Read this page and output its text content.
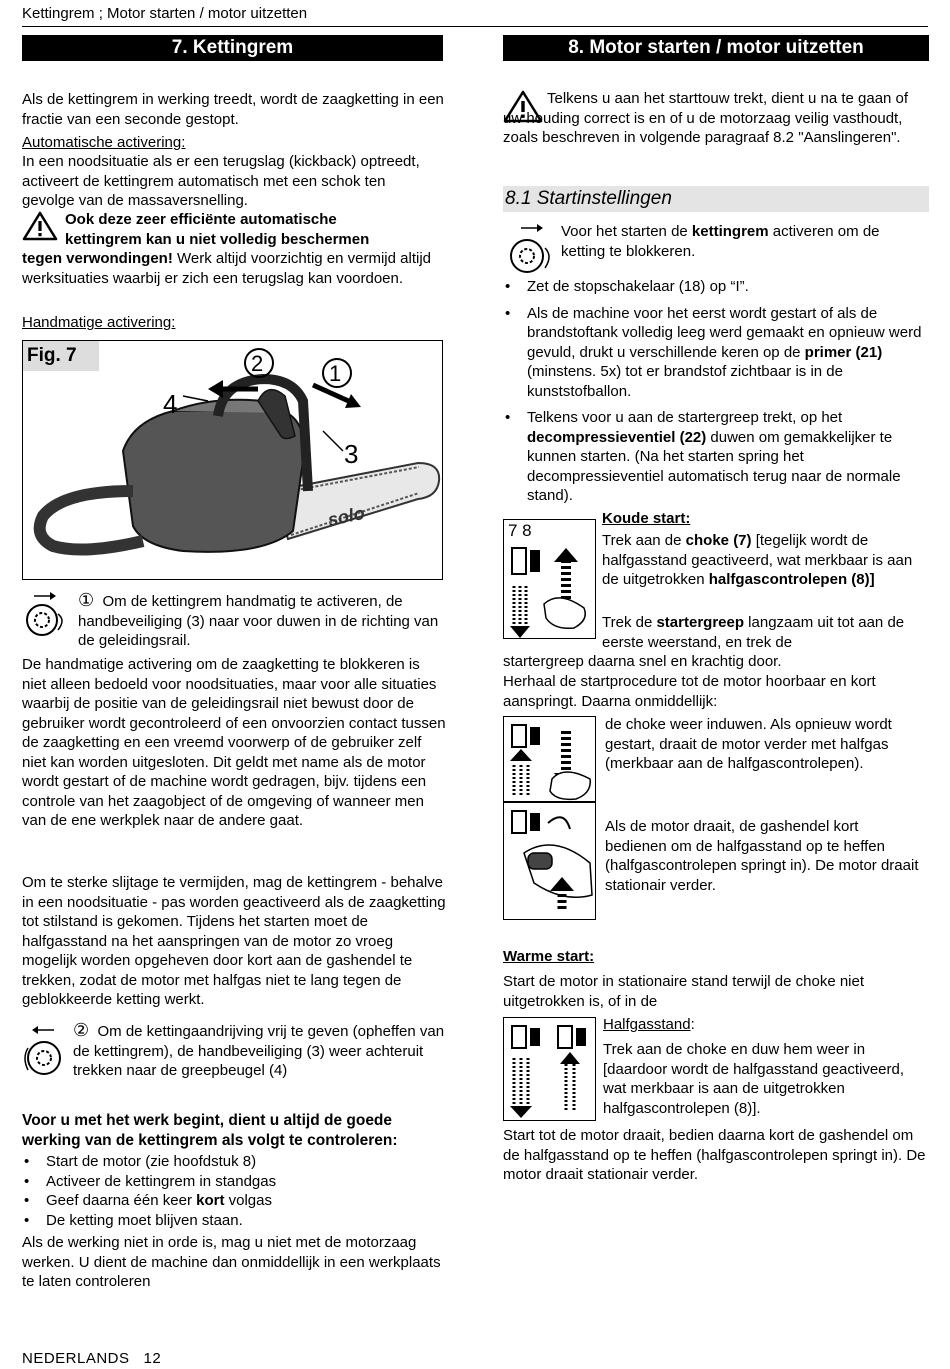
Kettingrem ; Motor starten / motor uitzetten
7. Kettingrem	8. Motor starten / motor uitzetten

Als de kettingrem in werking treedt, wordt de zaagketting in een fractie van een seconde gestopt.

Automatische activering:

In een noodsituatie als er een terugslag (kickback) optreedt, activeert de kettingrem automatisch met een schok ten gevolge van de massaversnelling.

Ook deze zeer efficiënte automatische

kettingrem kan u niet volledig beschermen

tegen verwondingen! Werk altijd voorzichtig en vermijd altijd werksituaties waarbij er zich een terugslag kan voordoen.

Handmatige activering:

solo
2	1
3
4
Fig. 7

① Om de kettingrem handmatig te activeren, de handbeveiliging (3) naar voor duwen in de richting van de geleidingsrail.

De handmatige activering om de zaagketting te blokkeren is niet alleen bedoeld voor noodsituaties, maar voor alle situaties waarbij de positie van de geleidingsrail niet bewust door de gebruiker wordt gecontroleerd of een onvoorzien contact tussen de zaagketting en een vreemd voorwerp of de gebruiker zelf niet kan worden uitgesloten. Dit geldt met name als de motor wordt gestart of de machine wordt gedragen, bijv. tijdens een controle van het zaagobject of de omgeving of wanneer men van de ene werkplek naar de andere gaat.

Om te sterke slijtage te vermijden, mag de kettingrem - behalve in een noodsituatie - pas worden geactiveerd als de zaagketting tot stilstand is gekomen. Tijdens het starten moet de halfgasstand na het aanspringen van de motor zo vroeg mogelijk worden opgeheven door kort aan de gashendel te trekken, zodat de motor met halfgas niet te lang tegen de geblokkeerde ketting werkt.

② Om de kettingaandrijving vrij te geven (opheffen van de kettingrem), de handbeveiliging (3) weer achteruit trekken naar de greepbeugel (4)

Voor u met het werk begint, dient u altijd de goede werking van de kettingrem als volgt te controleren:

• Start de motor (zie hoofdstuk 8)
• Activeer de kettingrem in standgas
• Geef daarna één keer kort volgas
• De ketting moet blijven staan.

Als de werking niet in orde is, mag u niet met de motorzaag werken. U dient de machine dan onmiddellijk in een werkplaats te laten controleren

Telkens u aan het starttouw trekt, dient u na te gaan of uw houding correct is en of u de motorzaag veilig vasthoudt, zoals beschreven in volgende paragraaf 8.2 "Aanslingeren".

8.1 Startinstellingen

Voor het starten de kettingrem activeren om de ketting te blokkeren.

• Zet de stopschakelaar (18) op “I”.
• Als de machine voor het eerst wordt gestart of als de brandstoftank volledig leeg werd gemaakt en opnieuw werd gevuld, drukt u verschillende keren op de primer (21) (minstens. 5x) tot er brandstof zichtbaar is in de kunststofballon.
• Telkens voor u aan de startergreep trekt, op het decompressieventiel (22) duwen om gemakkelijker te kunnen starten. (Na het starten spring het decompressieventiel automatisch terug naar de normale stand).
7 8

Koude start:

Trek aan de choke (7) [tegelijk wordt de halfgasstand geactiveerd, wat merkbaar is aan de uitgetrokken halfgascontrolepen (8)]

Trek de startergreep langzaam uit tot aan de eerste weerstand, en trek de

startergreep daarna snel en krachtig door.

Herhaal de startprocedure tot de motor hoorbaar en kort aanspringt. Daarna onmiddellijk:

de choke weer induwen. Als opnieuw wordt gestart, draait de motor verder met halfgas (merkbaar aan de halfgascontrolepen).

Als de motor draait, de gashendel kort bedienen om de halfgasstand op te heffen (halfgascontrolepen springt in). De motor draait stationair verder.

Warme start:

Start de motor in stationaire stand terwijl de choke niet uitgetrokken is, of in de

Halfgasstand:

Trek aan de choke en duw hem weer in [daardoor wordt de halfgasstand geactiveerd, wat merkbaar is aan de uitgetrokken halfgascontrolepen (8)].

Start tot de motor draait, bedien daarna kort de gashendel om de halfgasstand op te heffen (halfgascontrolepen springt in). De motor draait stationair verder.

NEDERLANDS 12
